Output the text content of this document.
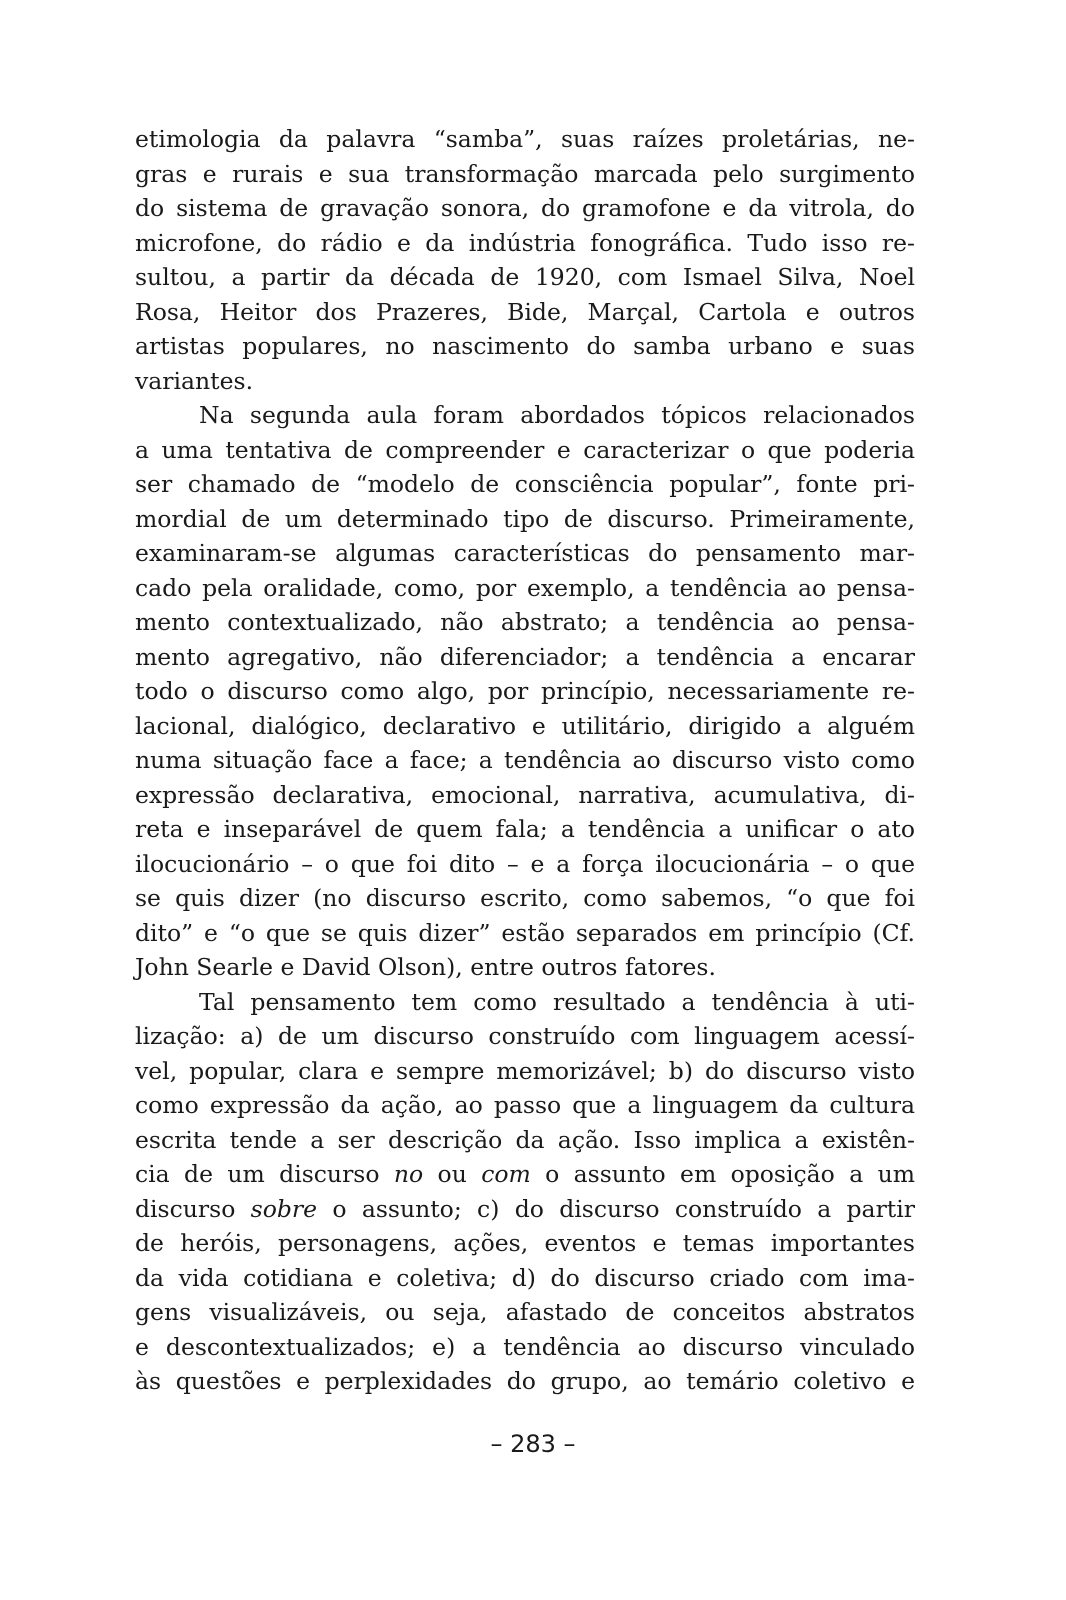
etimologia da palavra “samba”, suas raízes proletárias, ne-
gras e rurais e sua transformação marcada pelo surgimento
do sistema de gravação sonora, do gramofone e da vitrola, do
microfone, do rádio e da indústria fonográfica. Tudo isso re-
sultou, a partir da década de 1920, com Ismael Silva, Noel
Rosa, Heitor dos Prazeres, Bide, Marçal, Cartola e outros
artistas populares, no nascimento do samba urbano e suas
variantes.
Na segunda aula foram abordados tópicos relacionados
a uma tentativa de compreender e caracterizar o que poderia
ser chamado de “modelo de consciência popular”, fonte pri-
mordial de um determinado tipo de discurso. Primeiramente,
examinaram-se algumas características do pensamento mar-
cado pela oralidade, como, por exemplo, a tendência ao pensa-
mento contextualizado, não abstrato; a tendência ao pensa-
mento agregativo, não diferenciador; a tendência a encarar
todo o discurso como algo, por princípio, necessariamente re-
lacional, dialógico, declarativo e utilitário, dirigido a alguém
numa situação face a face; a tendência ao discurso visto como
expressão declarativa, emocional, narrativa, acumulativa, di-
reta e inseparável de quem fala; a tendência a unificar o ato
ilocucionário – o que foi dito – e a força ilocucionária – o que
se quis dizer (no discurso escrito, como sabemos, “o que foi
dito” e “o que se quis dizer” estão separados em princípio (Cf.
John Searle e David Olson), entre outros fatores.
Tal pensamento tem como resultado a tendência à uti-
lização: a) de um discurso construído com linguagem acessí-
vel, popular, clara e sempre memorizável; b) do discurso visto
como expressão da ação, ao passo que a linguagem da cultura
escrita tende a ser descrição da ação. Isso implica a existên-
cia de um discurso no ou com o assunto em oposição a um
discurso sobre o assunto; c) do discurso construído a partir
de heróis, personagens, ações, eventos e temas importantes
da vida cotidiana e coletiva; d) do discurso criado com ima-
gens visualizáveis, ou seja, afastado de conceitos abstratos
e descontextualizados; e) a tendência ao discurso vinculado
às questões e perplexidades do grupo, ao temário coletivo e
– 283 –
